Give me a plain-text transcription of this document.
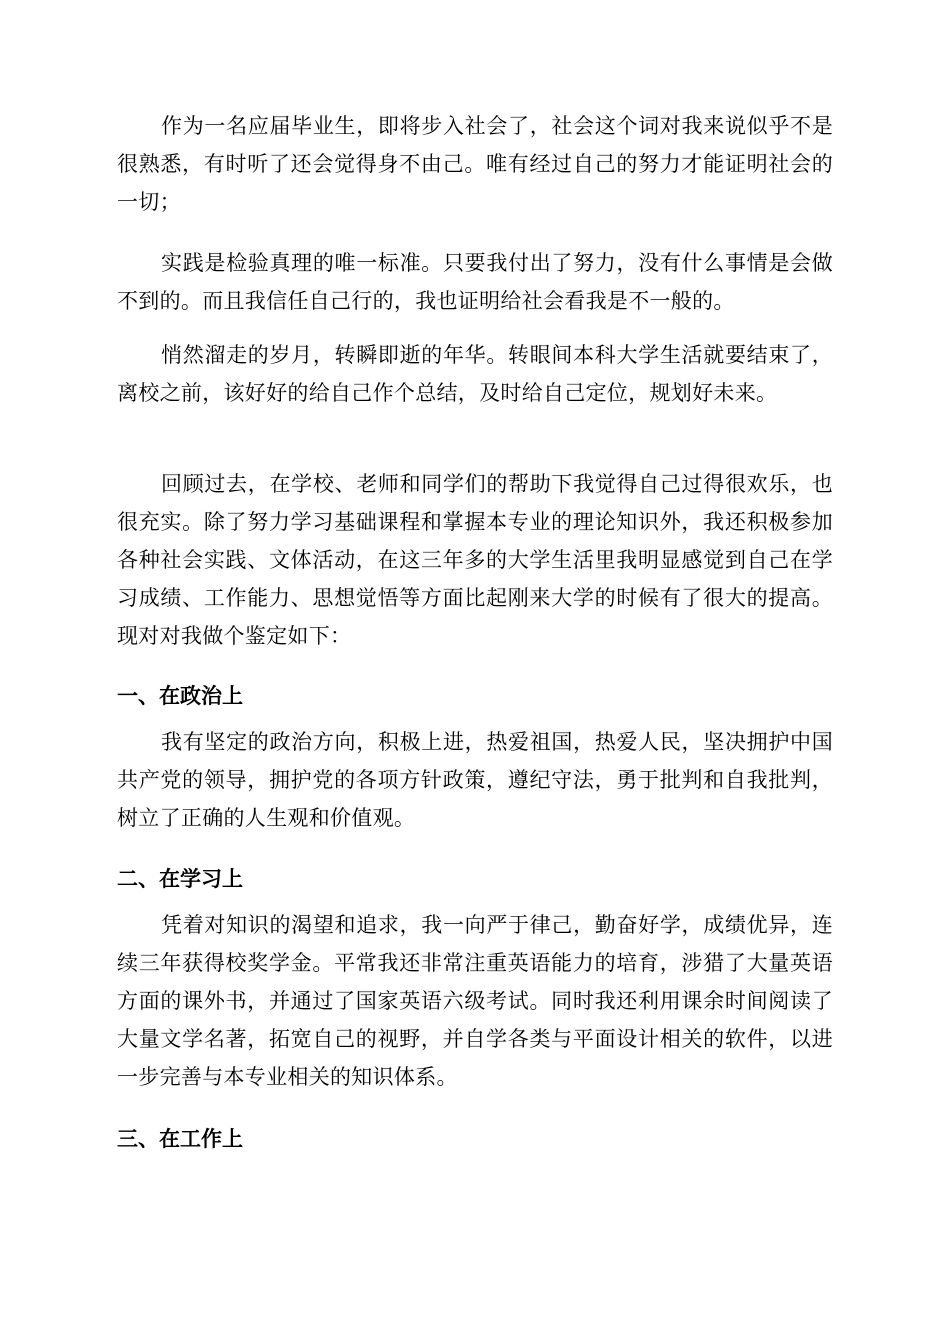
作为一名应届毕业生，即将步入社会了，社会这个词对我来说似乎不是很熟悉，有时听了还会觉得身不由己。唯有经过自己的努力才能证明社会的一切；

实践是检验真理的唯一标准。只要我付出了努力，没有什么事情是会做不到的。而且我信任自己行的，我也证明给社会看我是不一般的。

悄然溜走的岁月，转瞬即逝的年华。转眼间本科大学生活就要结束了，离校之前，该好好的给自己作个总结，及时给自己定位，规划好未来。

回顾过去，在学校、老师和同学们的帮助下我觉得自己过得很欢乐，也很充实。除了努力学习基础课程和掌握本专业的理论知识外，我还积极参加各种社会实践、文体活动，在这三年多的大学生活里我明显感觉到自己在学习成绩、工作能力、思想觉悟等方面比起刚来大学的时候有了很大的提高。现对对我做个鉴定如下：

一、在政治上

我有坚定的政治方向，积极上进，热爱祖国，热爱人民，坚决拥护中国共产党的领导，拥护党的各项方针政策，遵纪守法，勇于批判和自我批判，树立了正确的人生观和价值观。

二、在学习上

凭着对知识的渴望和追求，我一向严于律己，勤奋好学，成绩优异，连续三年获得校奖学金。平常我还非常注重英语能力的培育，涉猎了大量英语方面的课外书，并通过了国家英语六级考试。同时我还利用课余时间阅读了大量文学名著，拓宽自己的视野，并自学各类与平面设计相关的软件，以进一步完善与本专业相关的知识体系。

三、在工作上
